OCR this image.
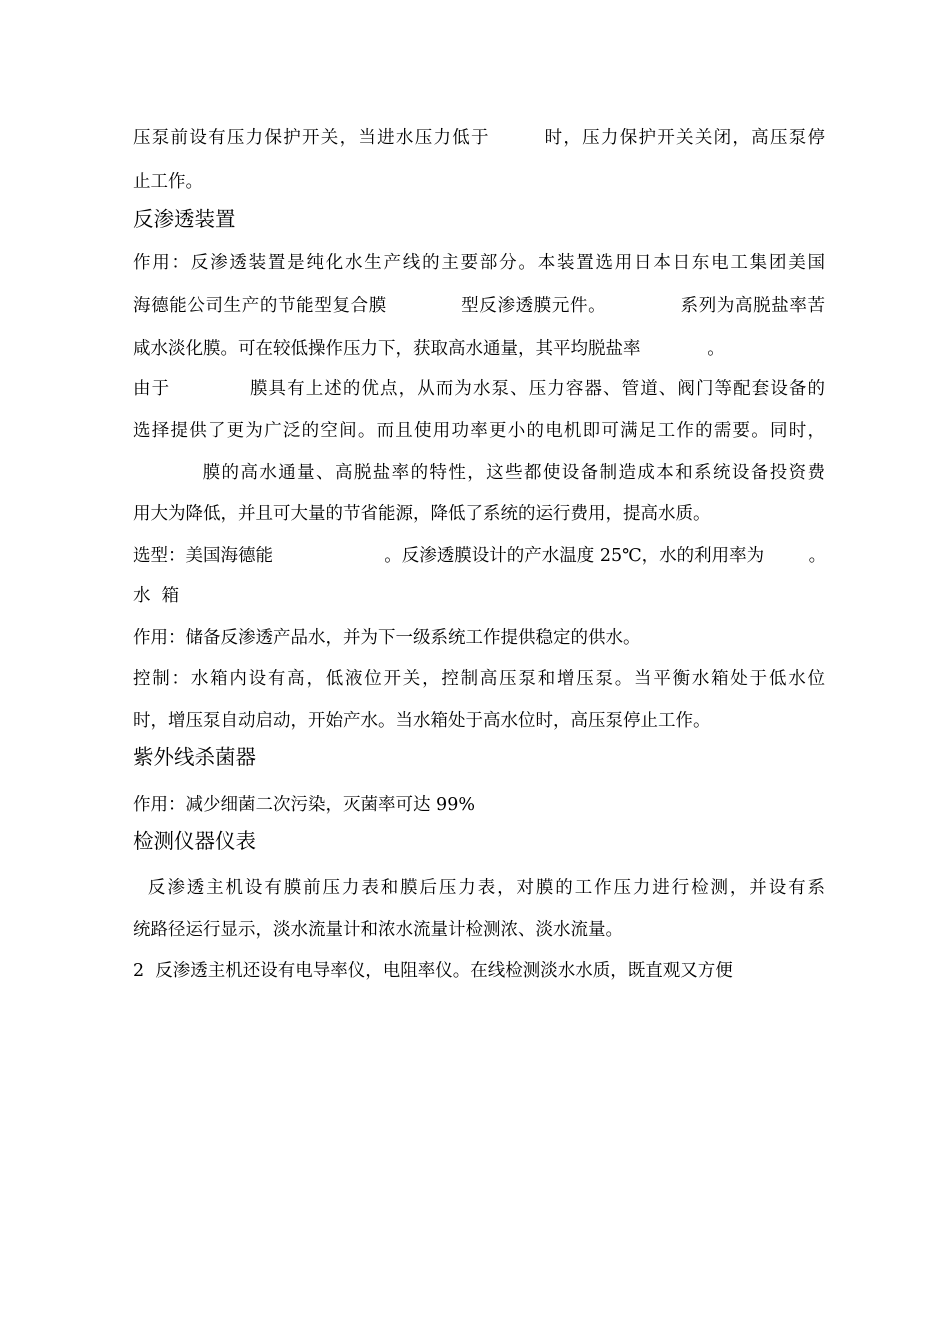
压泵前设有压力保护开关，当进水压力低于        时，压力保护开关关闭，高压泵停
止工作。
反渗透装置
作用：反渗透装置是纯化水生产线的主要部分。本装置选用日本日东电工集团美国
海德能公司生产的节能型复合膜            型反渗透膜元件。            系列为高脱盐率苦
咸水淡化膜。可在较低操作压力下，获取高水通量，其平均脱盐率            。
由于            膜具有上述的优点，从而为水泵、压力容器、管道、阀门等配套设备的
选择提供了更为广泛的空间。而且使用功率更小的电机即可满足工作的需要。同时，
膜的高水通量、高脱盐率的特性，这些都使设备制造成本和系统设备投资费
用大为降低，并且可大量的节省能源，降低了系统的运行费用，提高水质。
选型：美国海德能                    。反渗透膜设计的产水温度 25℃，水的利用率为        。
水  箱
作用：储备反渗透产品水，并为下一级系统工作提供稳定的供水。
控制：水箱内设有高，低液位开关，控制高压泵和增压泵。当平衡水箱处于低水位
时，增压泵自动启动，开始产水。当水箱处于高水位时，高压泵停止工作。
紫外线杀菌器
作用：减少细菌二次污染，灭菌率可达 99%
检测仪器仪表
反渗透主机设有膜前压力表和膜后压力表，对膜的工作压力进行检测，并设有系
统路径运行显示，淡水流量计和浓水流量计检测浓、淡水流量。
2  反渗透主机还设有电导率仪，电阻率仪。在线检测淡水水质，既直观又方便
